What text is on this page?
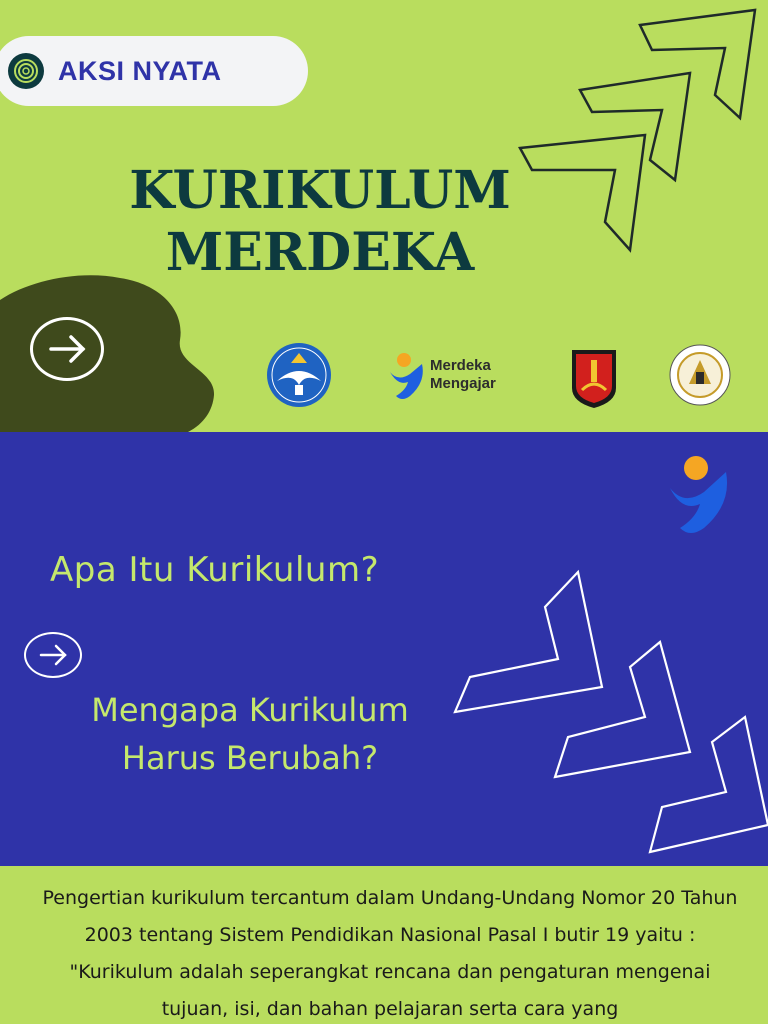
AKSI NYATA
KURIKULUM
MERDEKA
Merdeka
Mengajar
Apa Itu Kurikulum?
Mengapa Kurikulum
Harus Berubah?
Pengertian kurikulum tercantum dalam Undang-Undang Nomor 20 Tahun 2003 tentang Sistem Pendidikan Nasional Pasal I butir 19 yaitu : "Kurikulum adalah seperangkat rencana dan pengaturan mengenai tujuan, isi, dan bahan pelajaran serta cara yang
